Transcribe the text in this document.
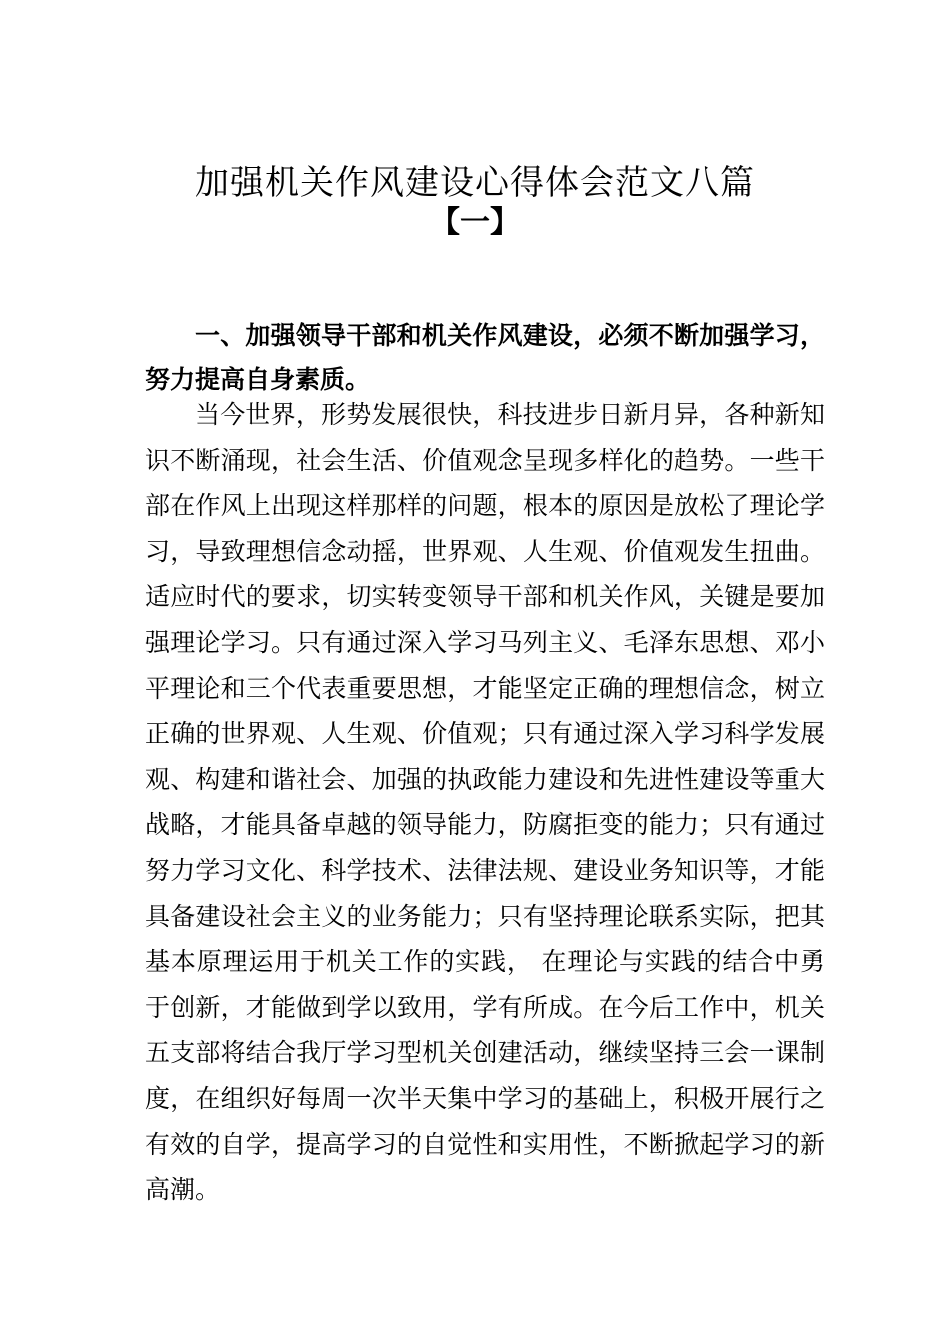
加强机关作风建设心得体会范文八篇
【一】

一、加强领导干部和机关作风建设，必须不断加强学习， 努力提高自身素质。

当今世界，形势发展很快，科技进步日新月异，各种新知识不断涌现，社会生活、价值观念呈现多样化的趋势。一些干部在作风上出现这样那样的问题，根本的原因是放松了理论学习，导致理想信念动摇，世界观、人生观、价值观发生扭曲。适应时代的要求，切实转变领导干部和机关作风，关键是要加强理论学习。只有通过深入学习马列主义、毛泽东思想、邓小平理论和三个代表重要思想，才能坚定正确的理想信念，树立正确的世界观、人生观、价值观；只有通过深入学习科学发展观、构建和谐社会、加强的执政能力建设和先进性建设等重大战略，才能具备卓越的领导能力，防腐拒变的能力；只有通过努力学习文化、科学技术、法律法规、建设业务知识等，才能具备建设社会主义的业务能力；只有坚持理论联系实际，把其基本原理运用于机关工作的实践， 在理论与实践的结合中勇于创新，才能做到学以致用，学有所成。在今后工作中，机关五支部将结合我厅学习型机关创建活动，继续坚持三会一课制度，在组织好每周一次半天集中学习的基础上，积极开展行之有效的自学，提高学习的自觉性和实用性，不断掀起学习的新高潮。
